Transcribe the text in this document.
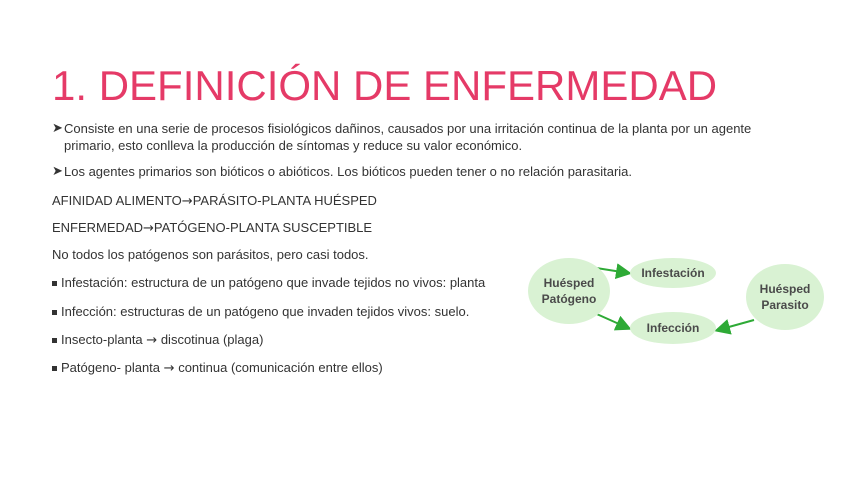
1. DEFINICIÓN DE ENFERMEDAD
➤ Consiste en una serie de procesos fisiológicos dañinos, causados por una irritación continua de la planta por un agente primario, esto conlleva la producción de síntomas y reduce su valor económico.
➤ Los agentes primarios son bióticos o abióticos. Los bióticos pueden tener o no relación parasitaria.
AFINIDAD ALIMENTO→PARÁSITO-PLANTA HUÉSPED
ENFERMEDAD→PATÓGENO-PLANTA SUSCEPTIBLE
No todos los patógenos son parásitos, pero casi todos.
Infestación: estructura de un patógeno que invade tejidos no vivos: planta
Infección: estructuras de un patógeno que invaden tejidos vivos: suelo.
Insecto-planta → discotinua (plaga)
Patógeno- planta → continua (comunicación entre ellos)
Huésped
Patógeno
Infestación
Infección
Huésped
Parasito
